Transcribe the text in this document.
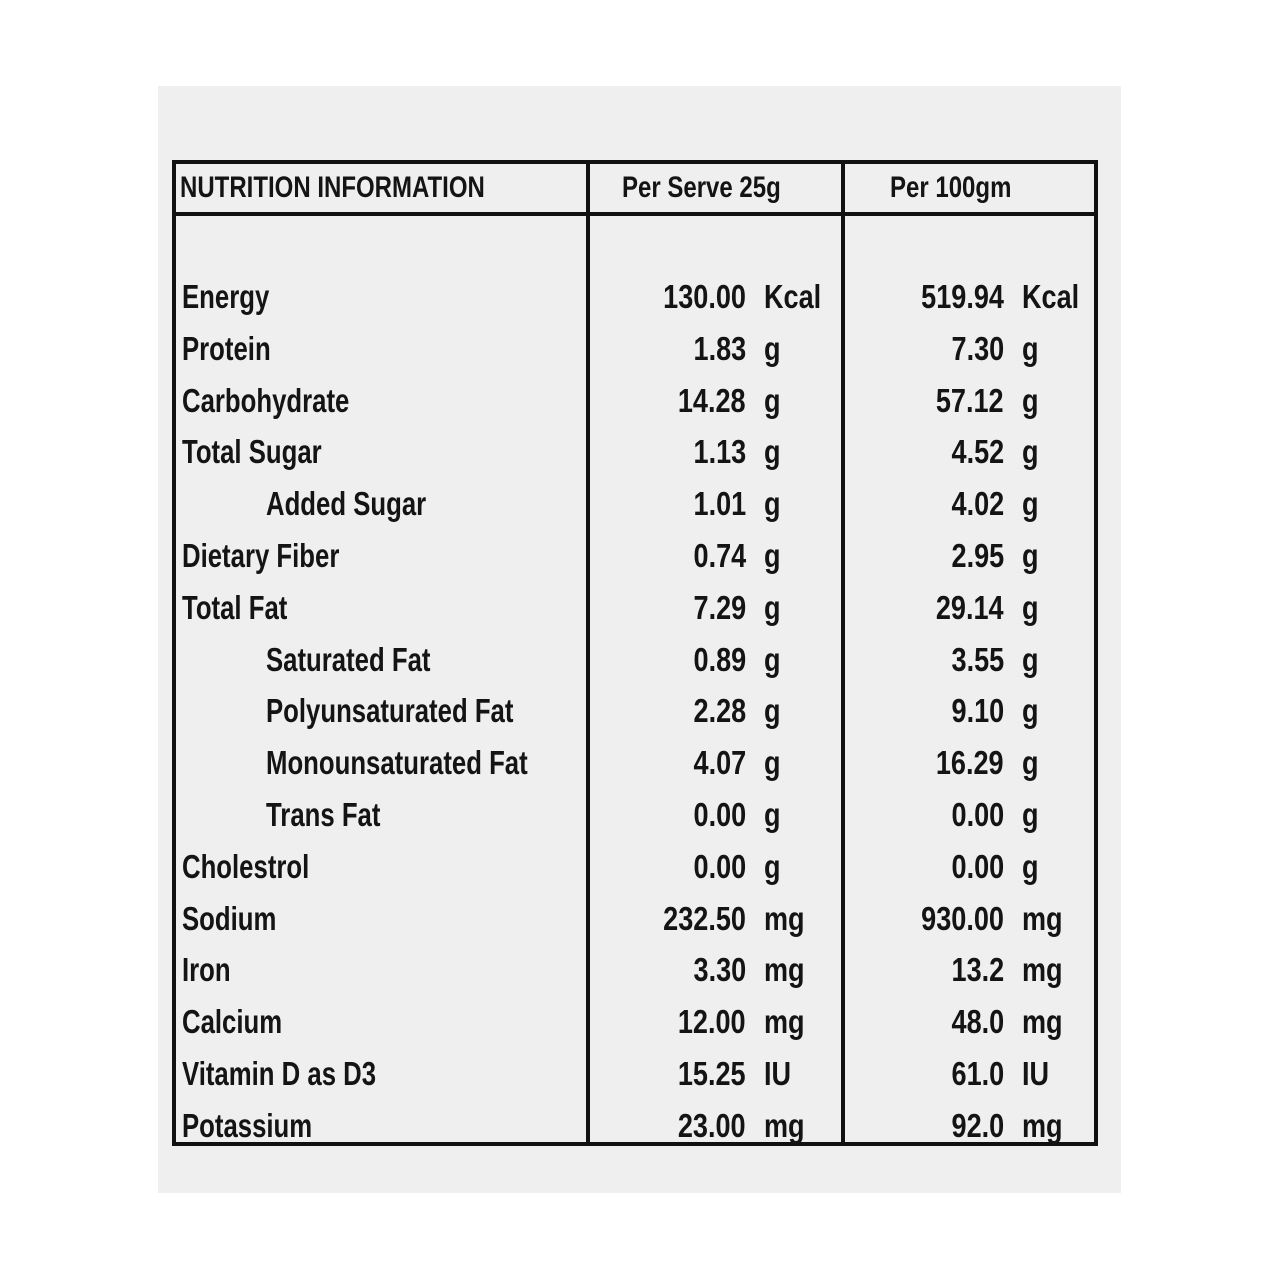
NUTRITION INFORMATION	Per Serve 25g	Per 100gm
Energy	130.00 Kcal	519.94 Kcal
Protein	1.83 g	7.30 g
Carbohydrate	14.28 g	57.12 g
Total Sugar	1.13 g	4.52 g
Added Sugar	1.01 g	4.02 g
Dietary Fiber	0.74 g	2.95 g
Total Fat	7.29 g	29.14 g
Saturated Fat	0.89 g	3.55 g
Polyunsaturated Fat	2.28 g	9.10 g
Monounsaturated Fat	4.07 g	16.29 g
Trans Fat	0.00 g	0.00 g
Cholestrol	0.00 g	0.00 g
Sodium	232.50 mg	930.00 mg
Iron	3.30 mg	13.2 mg
Calcium	12.00 mg	48.0 mg
Vitamin D as D3	15.25 IU	61.0 IU
Potassium	23.00 mg	92.0 mg
